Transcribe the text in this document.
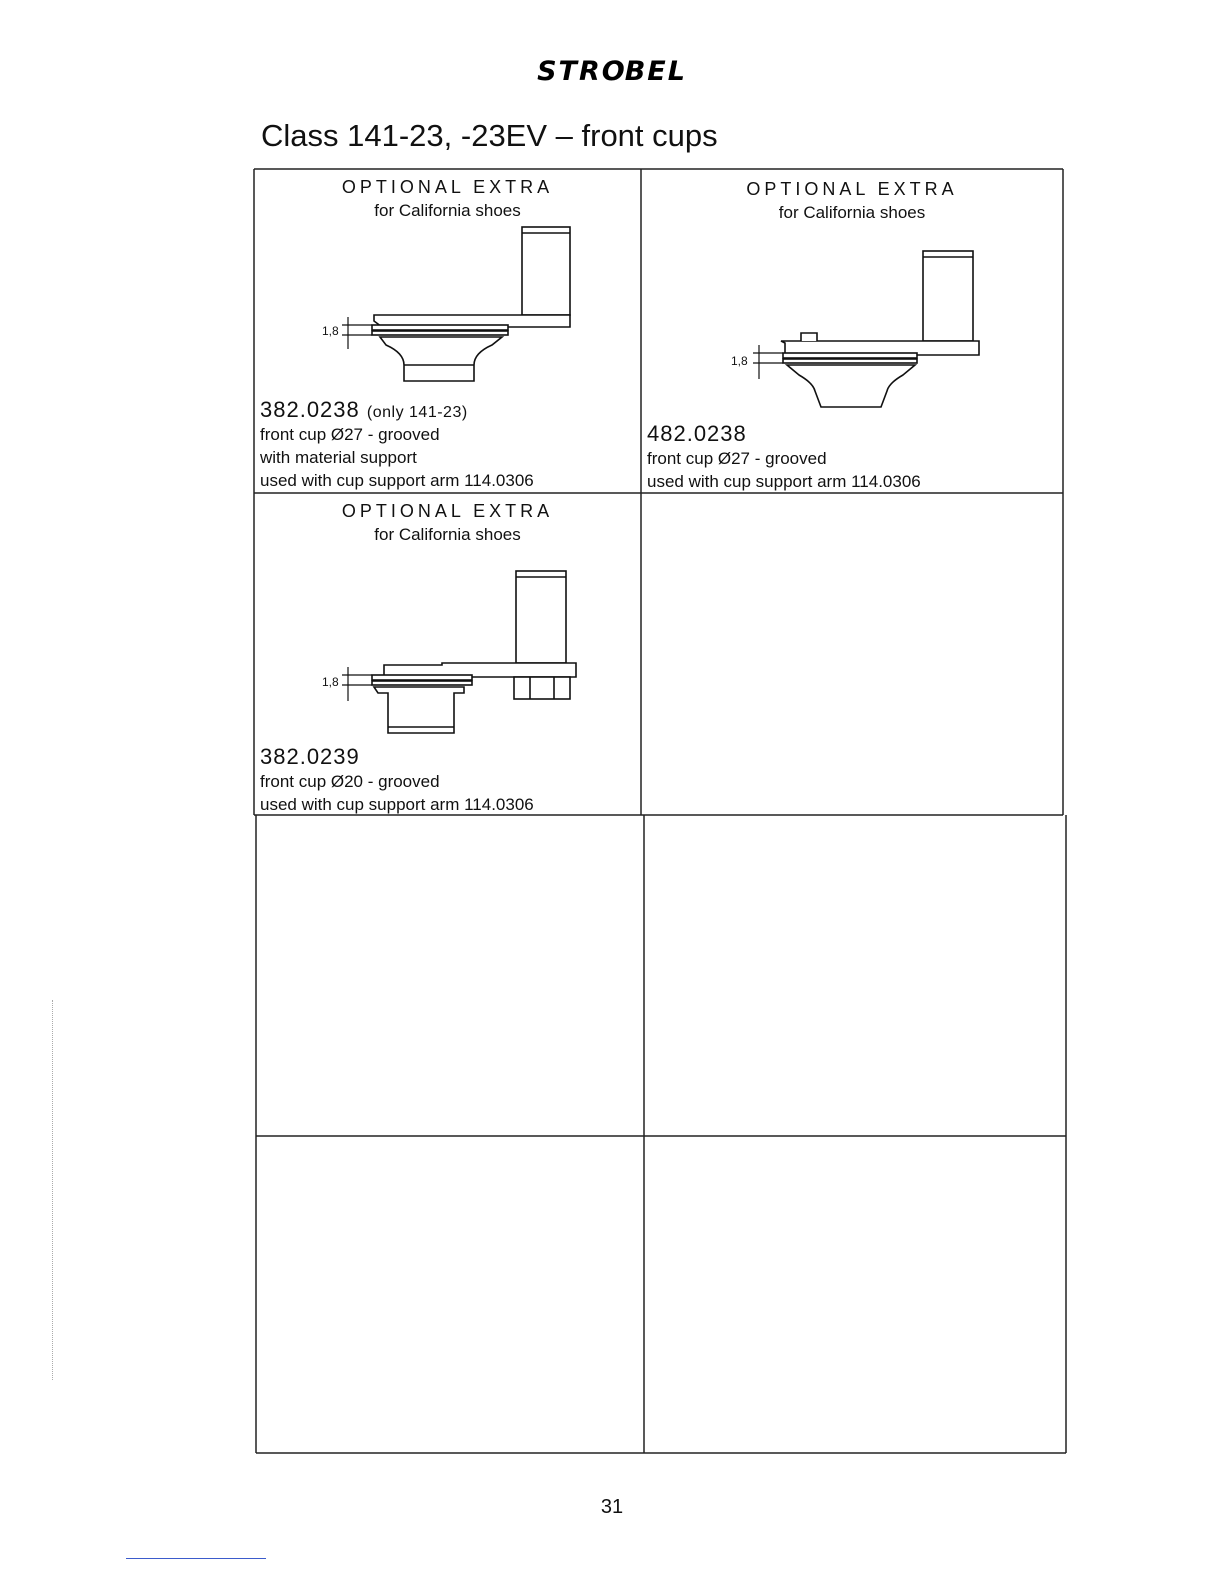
STROBEL
Class 141-23, -23EV – front cups
OPTIONAL EXTRA
for California shoes
1,8
382.0238 (only 141-23)
front cup Ø27 - grooved
with material support
used with cup support arm 114.0306
OPTIONAL EXTRA
for California shoes
1,8
482.0238
front cup Ø27 - grooved
used with cup support arm 114.0306
OPTIONAL EXTRA
for California shoes
1,8
382.0239
front cup Ø20 - grooved
used with cup support arm 114.0306
31
